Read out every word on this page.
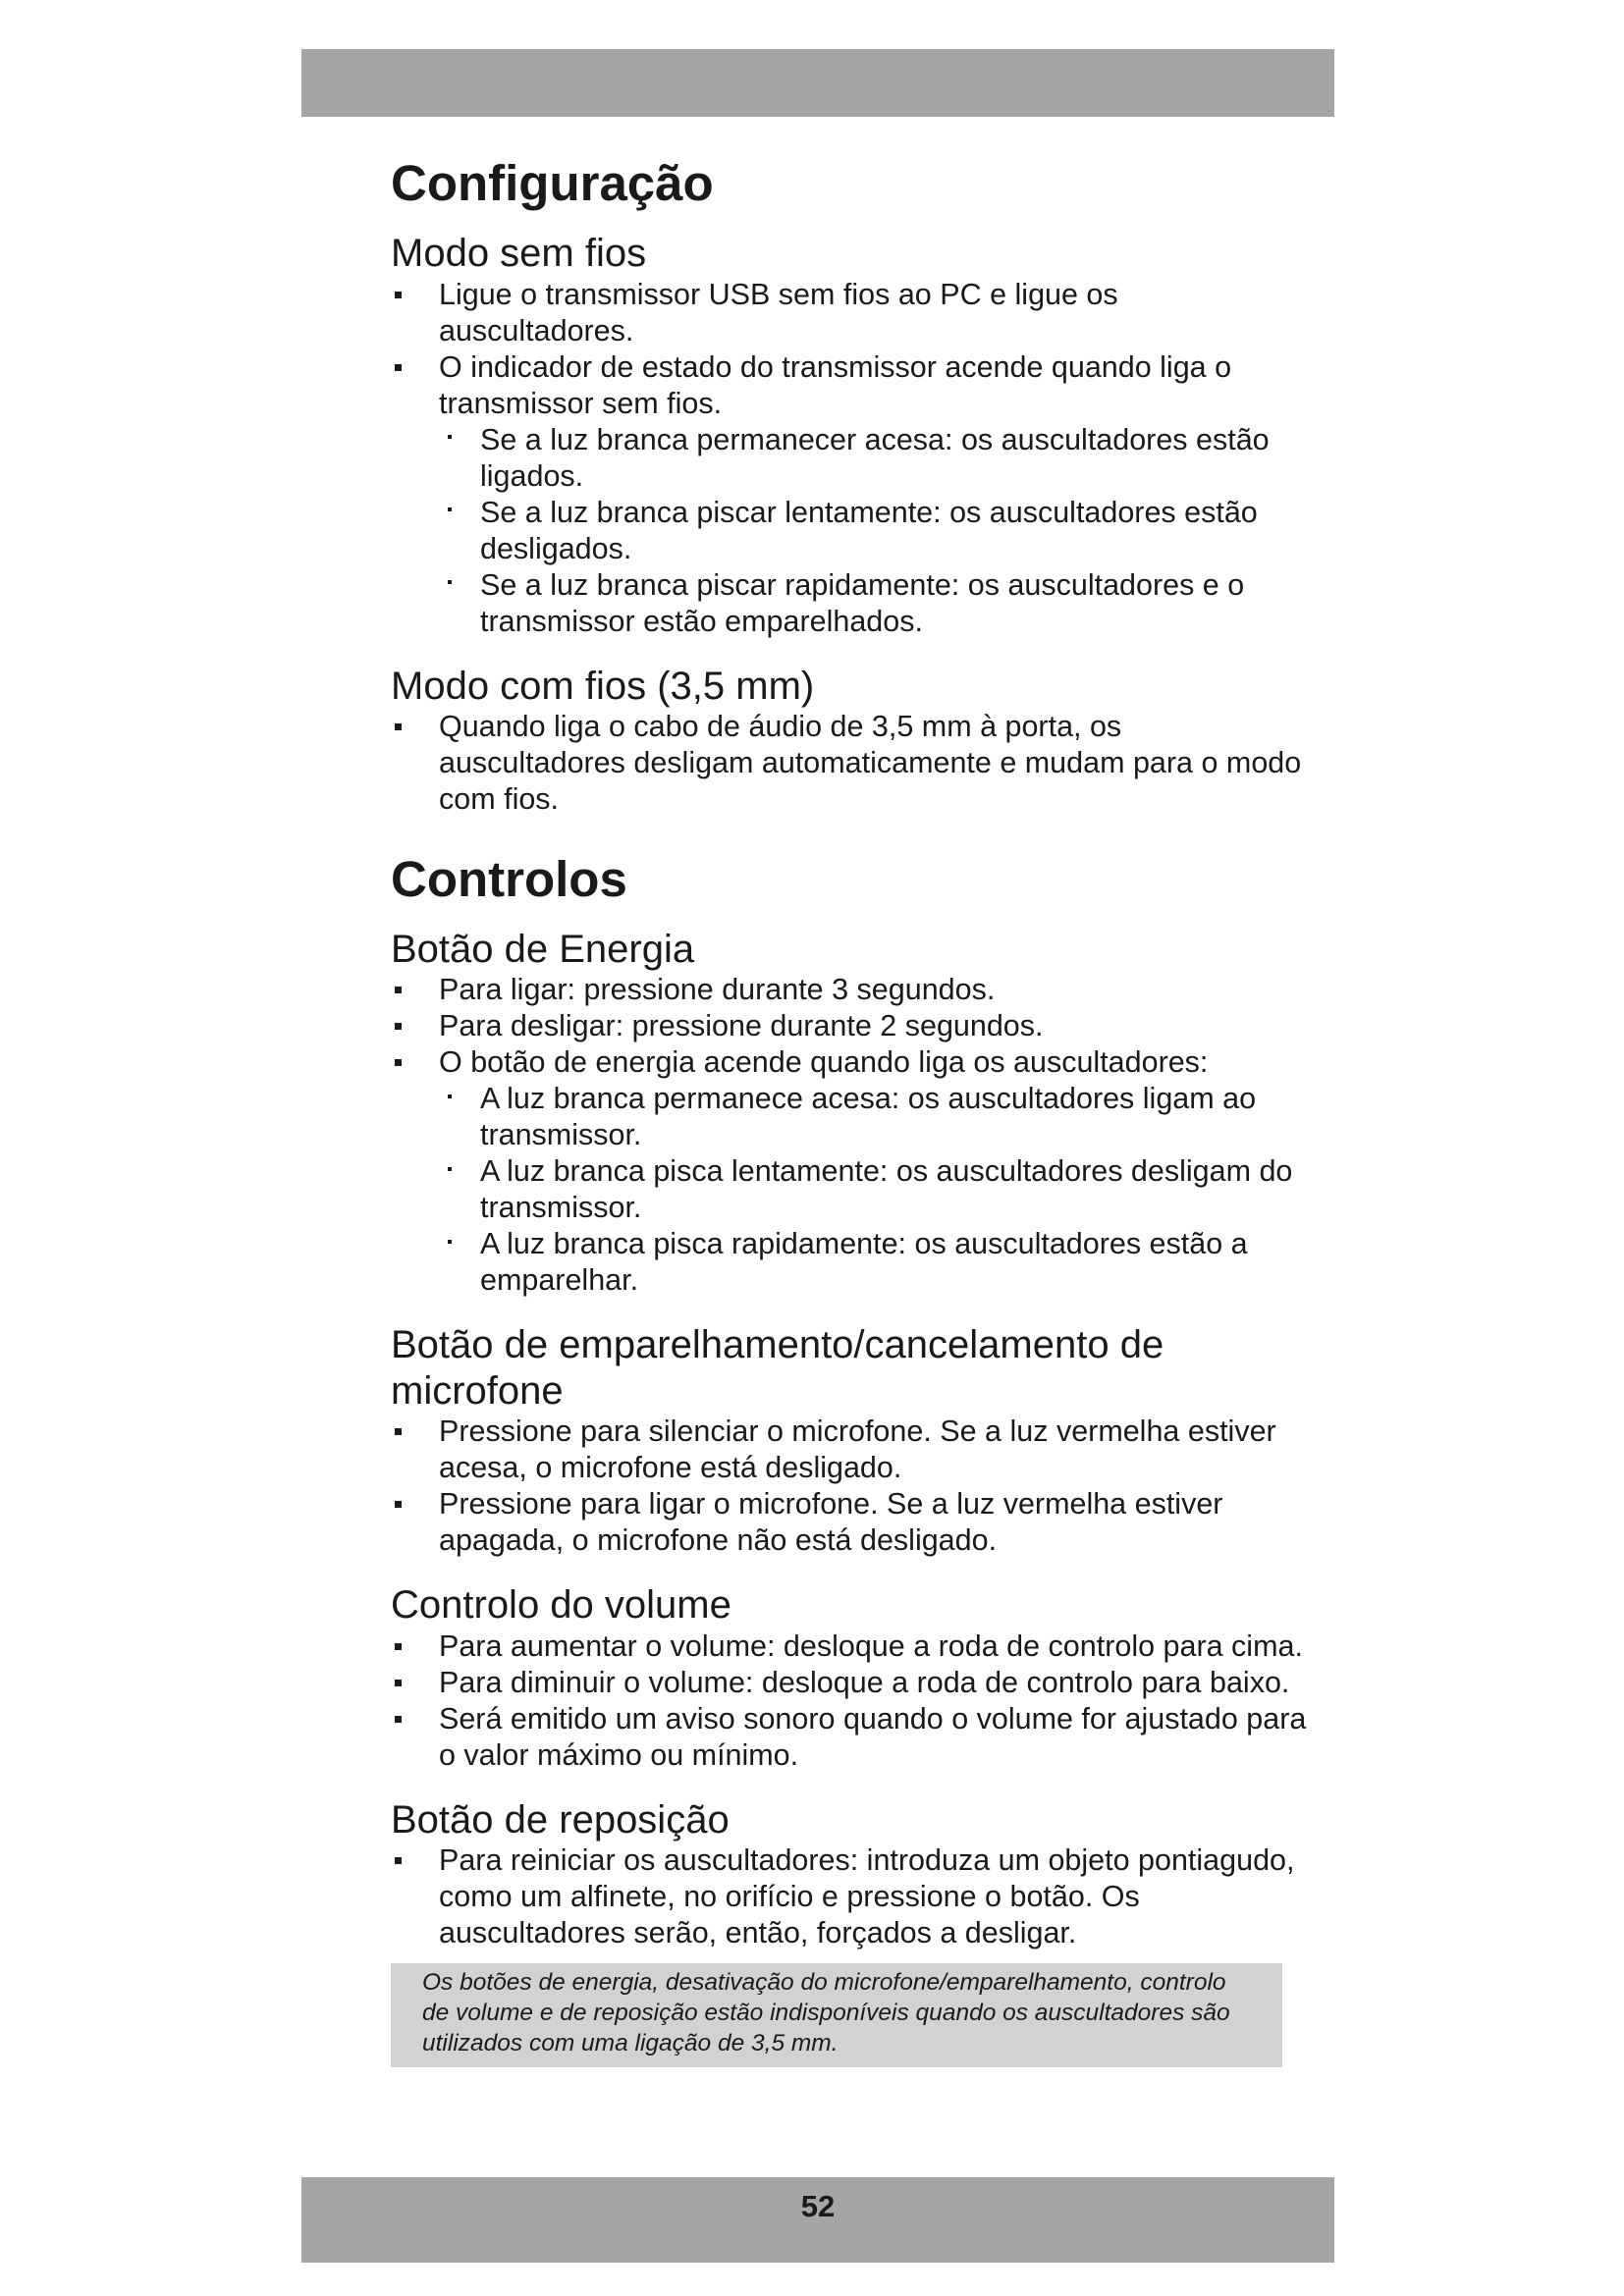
Configuração
Modo sem fios
Ligue o transmissor USB sem fios ao PC e ligue os auscultadores.
O indicador de estado do transmissor acende quando liga o transmissor sem fios.
Se a luz branca permanecer acesa: os auscultadores estão ligados.
Se a luz branca piscar lentamente: os auscultadores estão desligados.
Se a luz branca piscar rapidamente: os auscultadores e o transmissor estão emparelhados.
Modo com fios (3,5 mm)
Quando liga o cabo de áudio de 3,5 mm à porta, os auscultadores desligam automaticamente e mudam para o modo com fios.
Controlos
Botão de Energia
Para ligar: pressione durante 3 segundos.
Para desligar: pressione durante 2 segundos.
O botão de energia acende quando liga os auscultadores:
A luz branca permanece acesa: os auscultadores ligam ao transmissor.
A luz branca pisca lentamente: os auscultadores desligam do transmissor.
A luz branca pisca rapidamente: os auscultadores estão a emparelhar.
Botão de emparelhamento/cancelamento de microfone
Pressione para silenciar o microfone. Se a luz vermelha estiver acesa, o microfone está desligado.
Pressione para ligar o microfone. Se a luz vermelha estiver apagada, o microfone não está desligado.
Controlo do volume
Para aumentar o volume: desloque a roda de controlo para cima.
Para diminuir o volume: desloque a roda de controlo para baixo.
Será emitido um aviso sonoro quando o volume for ajustado para o valor máximo ou mínimo.
Botão de reposição
Para reiniciar os auscultadores: introduza um objeto pontiagudo, como um alfinete, no orifício e pressione o botão. Os auscultadores serão, então, forçados a desligar.
Os botões de energia, desativação do microfone/emparelhamento, controlo de volume e de reposição estão indisponíveis quando os auscultadores são utilizados com uma ligação de 3,5 mm.
52
